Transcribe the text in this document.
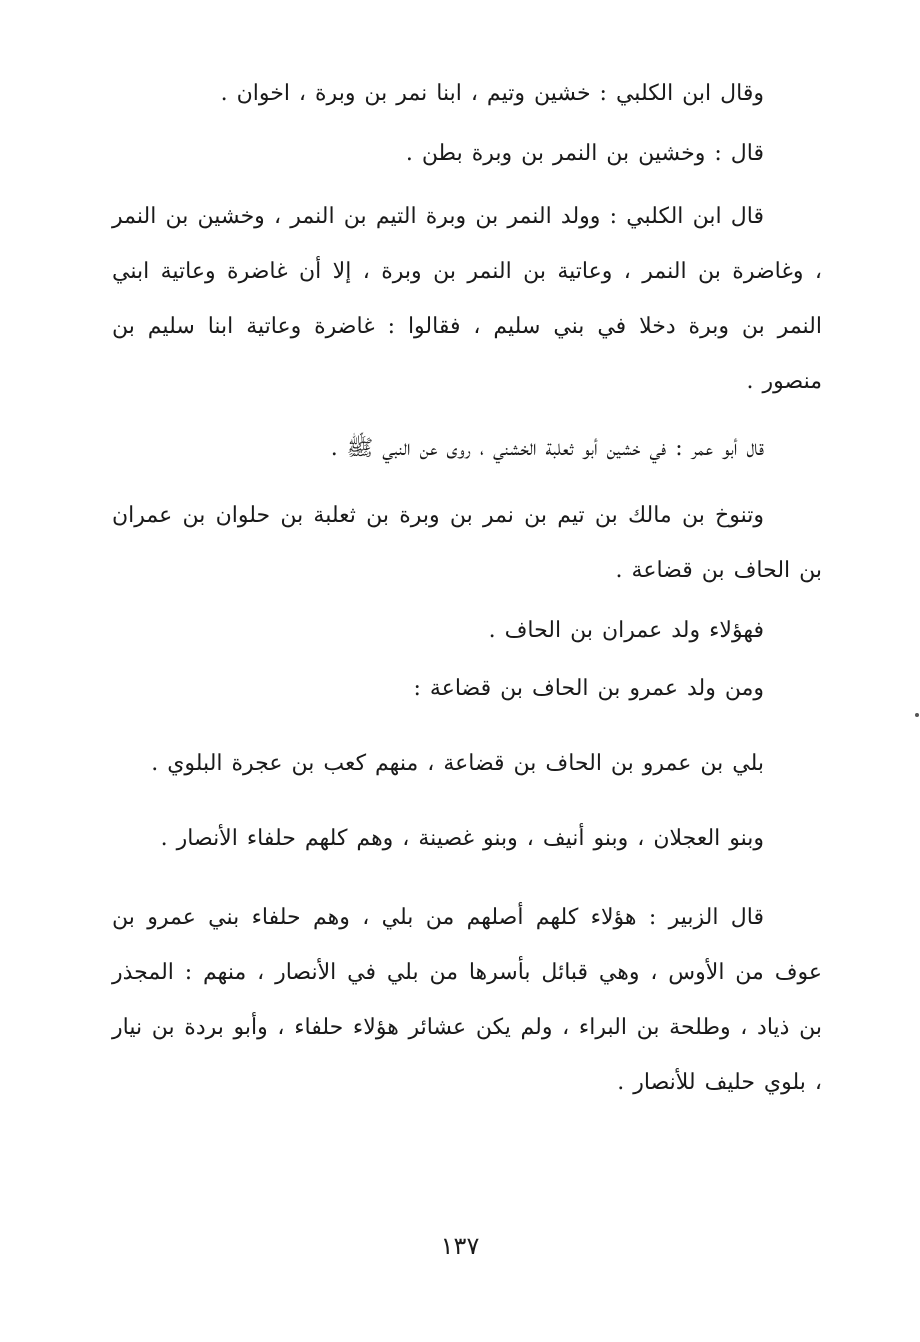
وقال ابن الكلبي : خشين وتيم ، ابنا نمر بن وبرة ، اخوان .

قال : وخشين بن النمر بن وبرة بطن .

قال ابن الكلبي : وولد النمر بن وبرة التيم بن النمر ، وخشين بن النمر ، وغاضرة بن النمر ، وعاتية بن النمر بن وبرة ، إلا أن غاضرة وعاتية ابني النمر بن وبرة دخلا في بني سليم ، فقالوا : غاضرة وعاتية ابنا سليم بن منصور .

قال أبو عمر : في خشين أبو ثعلبة الخشني ، روى عن النبي ﷺ .

وتنوخ بن مالك بن تيم بن نمر بن وبرة بن ثعلبة بن حلوان بن عمران بن الحاف بن قضاعة .

فهؤلاء ولد عمران بن الحاف .

ومن ولد عمرو بن الحاف بن قضاعة :

بلي بن عمرو بن الحاف بن قضاعة ، منهم كعب بن عجرة البلوي .

وبنو العجلان ، وبنو أنيف ، وبنو غصينة ، وهم كلهم حلفاء الأنصار .

قال الزبير : هؤلاء كلهم أصلهم من بلي ، وهم حلفاء بني عمرو بن عوف من الأوس ، وهي قبائل بأسرها من بلي في الأنصار ، منهم : المجذر بن ذياد ، وطلحة بن البراء ، ولم يكن عشائر هؤلاء حلفاء ، وأبو بردة بن نيار ، بلوي حليف للأنصار .

١٣٧
